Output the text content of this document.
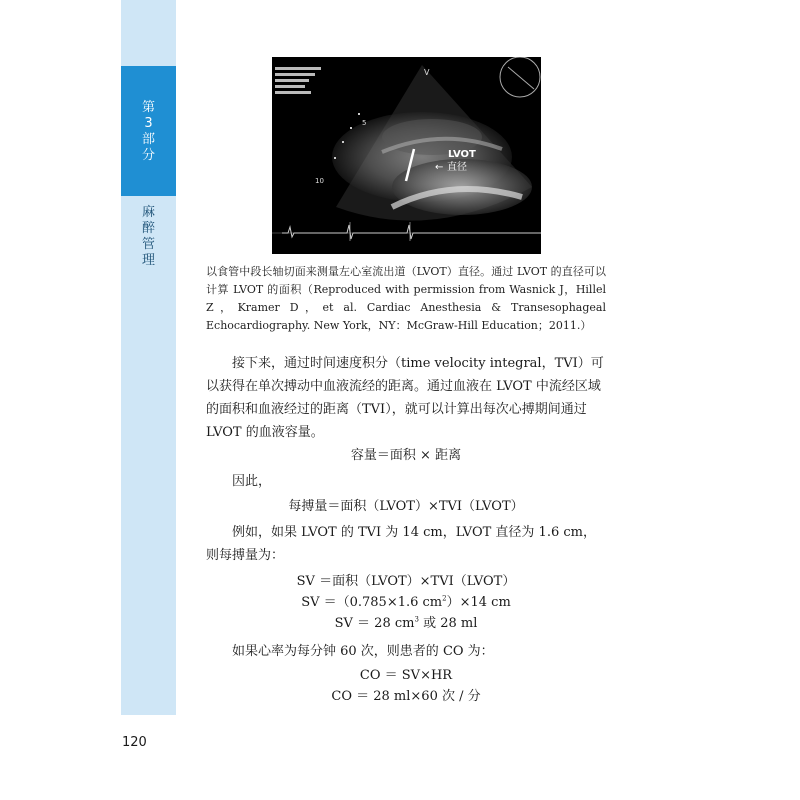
第
3
部
分
麻
醉
管
理
5
10
V
LVOT
← 直径
以食管中段长轴切面来测量左心室流出道（LVOT）直径。通过 LVOT 的直径可以计算 LVOT 的面积（Reproduced with permission from Wasnick J，Hillel Z，Kramer D，et al. Cardiac Anesthesia & Transesophageal Echocardiography. New York，NY：McGraw-Hill Education；2011.）
接下来，通过时间速度积分（time velocity integral，TVI）可以获得在单次搏动中血液流经的距离。通过血液在 LVOT 中流经区域的面积和血液经过的距离（TVI），就可以计算出每次心搏期间通过 LVOT 的血液容量。
容量＝面积 × 距离
因此，
每搏量＝面积（LVOT）×TVI（LVOT）
例如，如果 LVOT 的 TVI 为 14 cm，LVOT 直径为 1.6 cm，则每搏量为：
SV ＝面积（LVOT）×TVI（LVOT）
SV ＝（0.785×1.6 $cm^2)\times 14$ cm
SV ＝ 28 $cm^3$ 或 28 ml
如果心率为每分钟 60 次，则患者的 CO 为：
CO ＝ SV×HR
CO ＝ 28 ml×60 次 / 分
120
